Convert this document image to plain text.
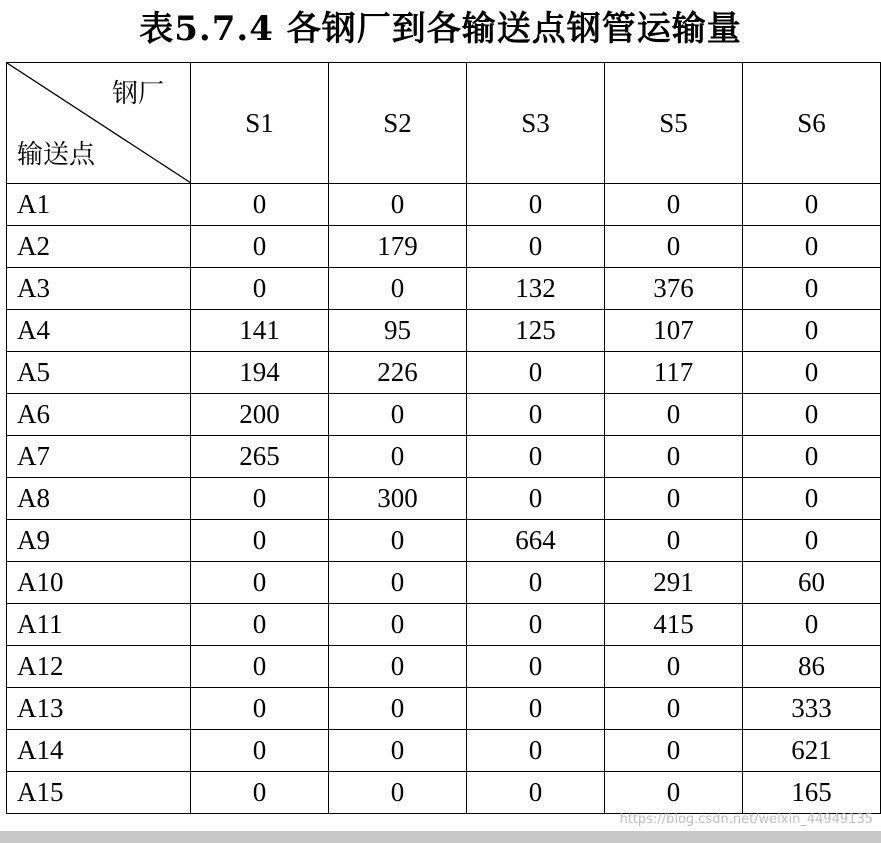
表5.7.4 各钢厂到各输送点钢管运输量
钢厂
输送点	S1	S2	S3	S5	S6
A1	0	0	0	0	0
A2	0	179	0	0	0
A3	0	0	132	376	0
A4	141	95	125	107	0
A5	194	226	0	117	0
A6	200	0	0	0	0
A7	265	0	0	0	0
A8	0	300	0	0	0
A9	0	0	664	0	0
A10	0	0	0	291	60
A11	0	0	0	415	0
A12	0	0	0	0	86
A13	0	0	0	0	333
A14	0	0	0	0	621
A15	0	0	0	0	165
https://blog.csdn.net/weixin_44949135
